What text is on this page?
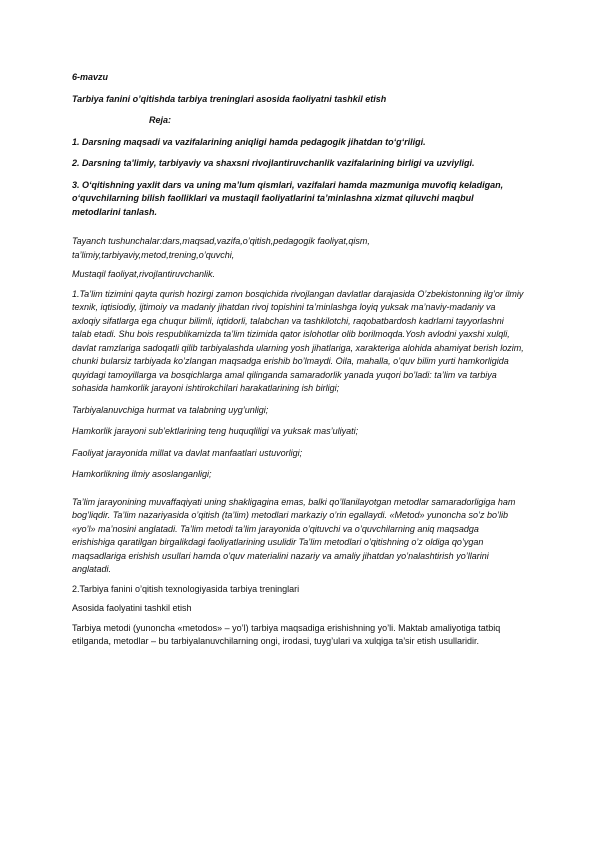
6-mavzu

Tarbiya fanini o’qitishda tarbiya treninglari asosida faoliyatni tashkil etish

Reja:

1. Darsning maqsadi va vazifalarining aniqligi hamda pedagogik jihatdan to‘g‘riligi.

2. Darsning ta'limiy, tarbiyaviy va shaxsni rivojlantiruvchanlik vazifalarining birligi va uzviyligi.

3. O‘qitishning yaxlit dars va uning ma’lum qismlari, vazifalari hamda mazmuniga muvofiq keladigan, o‘quvchilarning bilish faolliklari va mustaqil faoliyatlarini ta’minlashna xizmat qiluvchi maqbul metodlarini tanlash.

Tayanch tushunchalar:dars,maqsad,vazifa,o’qitish,pedagogik faoliyat,qism, ta’limiy,tarbiyaviy,metod,trening,o’quvchi,

Mustaqil faoliyat,rivojlantiruvchanlik.

1.Ta’lim tizimini qayta qurish hozirgi zamon bosqichida rivojlangan davlatlar darajasida O’zbekistonning ilg’or ilmiy texnik, iqtisiodiy, ijtimoiy va madaniy jihatdan rivoj topishini ta’minlashga loyiq yuksak ma’naviy-madaniy va axloqiy sifatlarga ega chuqur bilimli, iqtidorli, talabchan va tashkilotchi, raqobatbardosh kadrlarni tayyorlashni talab etadi. Shu bois respublikamizda ta’lim tizimida qator islohotlar olib borilmoqda.Yosh avlodni yaxshi xulqli, davlat ramzlariga sadoqatli qilib tarbiyalashda ularning yosh jihatlariga, xarakteriga alohida ahamiyat berish lozim, chunki bularsiz tarbiyada ko’zlangan maqsadga erishib bo’lmaydi. Oila, mahalla, o’quv bilim yurti hamkorligida quyidagi tamoyillarga va bosqichlarga amal qilinganda samaradorlik yanada yuqori bo’ladi: ta’lim va tarbiya sohasida hamkorlik jarayoni ishtirokchilari harakatlarining ish birligi;

Tarbiyalanuvchiga hurmat va talabning uyg’unligi;

Hamkorlik jarayoni sub’ektlarining teng huquqliligi va yuksak mas’uliyati;

Faoliyat jarayonida millat va davlat manfaatlari ustuvorligi;

Hamkorlikning ilmiy asoslanganligi;

Ta’lim jarayonining muvaffaqiyati uning shakligagina emas, balki qo’llanilayotgan metodlar samaradorligiga ham bog’liqdir. Ta’lim nazariyasida o’qitish (ta’lim) metodlari markaziy o’rin egallaydi. «Metod» yunoncha so’z bo’lib «yo’l» ma’nosini anglatadi. Ta’lim metodi ta’lim jarayonida o’qituvchi va o’quvchilarning aniq maqsadga erishishiga qaratilgan birgalikdagi faoliyatlarining usulidir Ta’lim metodlari o’qitishning o’z oldiga qo’ygan maqsadlariga erishish usullari hamda o’quv materialini nazariy va amaliy jihatdan yo’nalashtirish yo’llarini anglatadi.

2.Tarbiya fanini o’qitish texnologiyasida tarbiya treninglari

Asosida faolyatini tashkil etish

Tarbiya metodi (yunoncha «metodos» – yo’l) tarbiya maqsadiga erishishning yo’li. Maktab amaliyotiga tatbiq etilganda, metodlar – bu tarbiyalanuvchilarning ongi, irodasi, tuyg’ulari va xulqiga ta’sir etish usullaridir.
